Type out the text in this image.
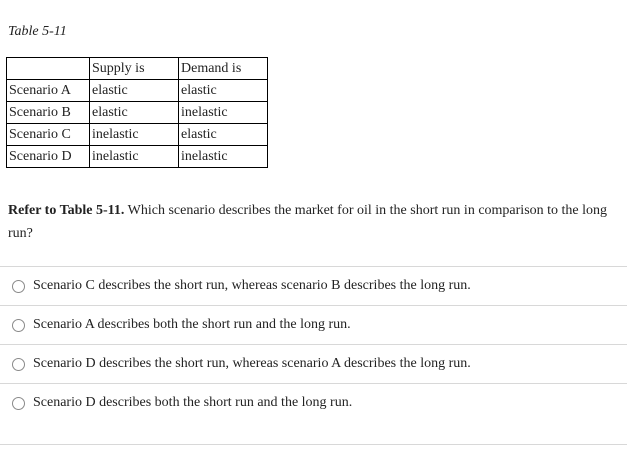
Table 5-11
	Supply is	Demand is
Scenario A	elastic	elastic
Scenario B	elastic	inelastic
Scenario C	inelastic	elastic
Scenario D	inelastic	inelastic
Refer to Table 5-11. Which scenario describes the market for oil in the short run in comparison to the long run?
Scenario C describes the short run, whereas scenario B describes the long run.
Scenario A describes both the short run and the long run.
Scenario D describes the short run, whereas scenario A describes the long run.
Scenario D describes both the short run and the long run.
